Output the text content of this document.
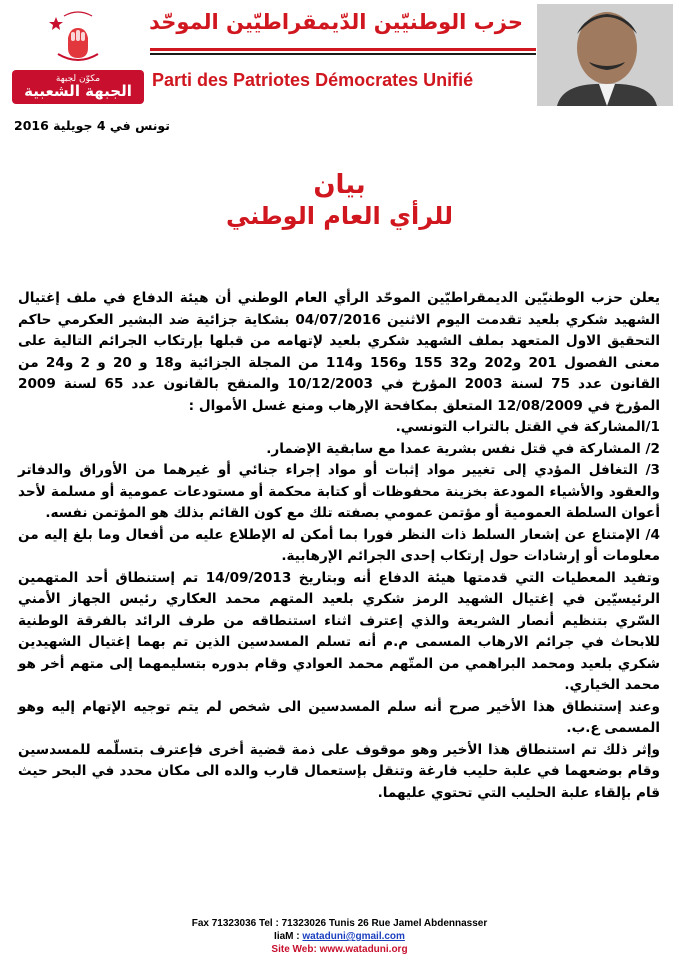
مكوّن لجبهة
الجبهة الشعبية
حزب الوطنيّين الدّيمقراطيّين الموحّد
Parti des Patriotes Démocrates Unifié
تونس في 4 جويلية 2016
بيان
للرأي العام الوطني

يعلن حزب الوطنيّين الديمقراطيّين الموحّد الرأي العام الوطني أن هيئة الدفاع في ملف إغتيال الشهيد شكري بلعيد تقدمت اليوم الاثنين 04/07/2016 بشكاية جزائية ضد البشير العكرمي حاكم التحقيق الاول المتعهد بملف الشهيد شكري بلعيد لإتهامه من قبلها بإرتكاب الجرائم التالية على معنى الفصول 201 و202 و32 155 و156 و114 من المجلة الجزائية و18 و 20 و 2 و24 من القانون عدد 75 لسنة 2003 المؤرخ في 10/12/2003 والمنقح بالقانون عدد 65 لسنة 2009 المؤرخ في 12/08/2009 المتعلق بمكافحة الإرهاب ومنع غسل الأموال :

1/المشاركة في القتل بالتراب التونسي.

2/ المشاركة في قتل نفس بشرية عمدا مع سابقية الإضمار.

3/ التغافل المؤدي إلى تغيير مواد إثبات أو مواد إجراء جنائي أو غيرهما من الأوراق والدفاتر والعقود والأشياء المودعة بخزينة محفوظات أو كتابة محكمة أو مستودعات عمومية أو مسلمة لأحد أعوان السلطة العمومية أو مؤتمن عمومي بصفته تلك مع كون القائم بذلك هو المؤتمن نفسه.

4/ الإمتناع عن إشعار السلط ذات النظر فورا بما أمكن له الإطلاع عليه من أفعال وما بلغ إليه من معلومات أو إرشادات حول إرتكاب إحدى الجرائم الإرهابية.

وتفيد المعطيات التي قدمتها هيئة الدفاع أنه وبتاريخ 14/09/2013 تم إستنطاق أحد المتهمين الرئيسيّين في إغتيال الشهيد الرمز شكري بلعيد المتهم محمد العكاري رئيس الجهاز الأمني السّري بتنظيم أنصار الشريعة والذي إعترف اثناء استنطاقه من طرف الرائد بالفرقة الوطنية للابحاث في جرائم الارهاب المسمى م.م أنه تسلم المسدسين الذين تم بهما إغتيال الشهيدين شكري بلعيد ومحمد البراهمي من المتّهم محمد العوادي وقام بدوره بتسليمهما إلى متهم أخر هو محمد الخياري.

وعند إستنطاق هذا الأخير صرح أنه سلم المسدسين الى شخص لم يتم توجيه الإتهام إليه وهو المسمى ع.ب.

وإثر ذلك تم استنطاق هذا الأخير وهو موقوف على ذمة قضية أخرى فإعترف بتسلّمه للمسدسين وقام بوضعهما في علبة حليب فارغة وتنقل بإستعمال قارب والده الى مكان محدد في البحر حيث قام بإلقاء علبة الحليب التي تحتوي عليهما.

Fax 71323036 Tel : 71323026 Tunis 26 Rue Jamel Abdennasser
IiaM : wataduni@gmail.com
Site Web: www.wataduni.org
